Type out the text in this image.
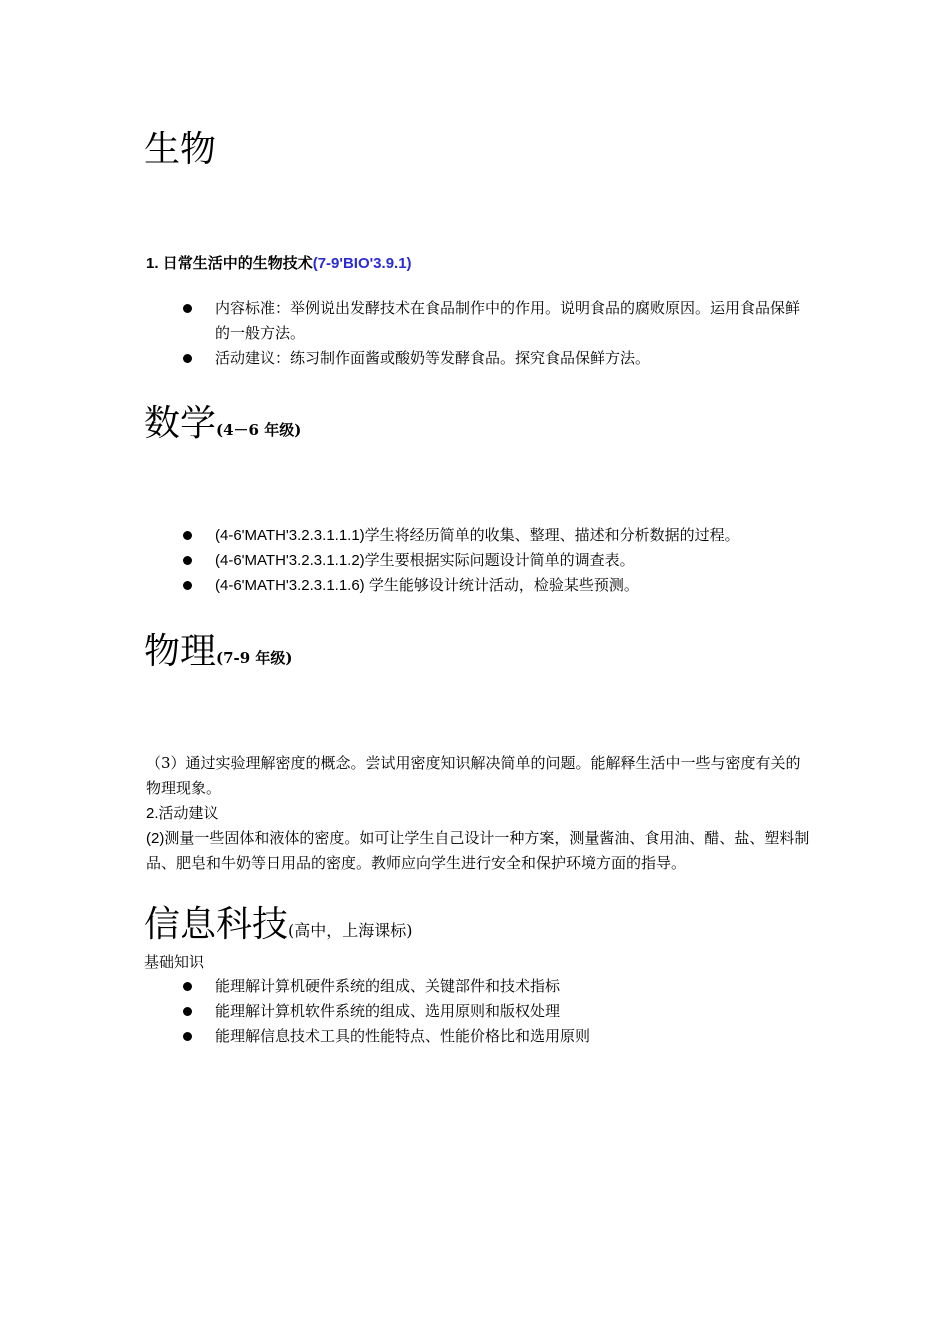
生物
1. 日常生活中的生物技术(7-9'BIO'3.9.1)
内容标准：举例说出发酵技术在食品制作中的作用。说明食品的腐败原因。运用食品保鲜的一般方法。
活动建议：练习制作面酱或酸奶等发酵食品。探究食品保鲜方法。
数学(4－6 年级)
(4-6'MATH'3.2.3.1.1.1)学生将经历简单的收集、整理、描述和分析数据的过程。
(4-6'MATH'3.2.3.1.1.2)学生要根据实际问题设计简单的调查表。
(4-6'MATH'3.2.3.1.1.6) 学生能够设计统计活动，检验某些预测。
物理(7-9 年级)
（3）通过实验理解密度的概念。尝试用密度知识解决简单的问题。能解释生活中一些与密度有关的物理现象。
2.活动建议
(2)测量一些固体和液体的密度。如可让学生自己设计一种方案，测量酱油、食用油、醋、盐、塑料制品、肥皂和牛奶等日用品的密度。教师应向学生进行安全和保护环境方面的指导。
信息科技(高中，上海课标)
基础知识
能理解计算机硬件系统的组成、关键部件和技术指标
能理解计算机软件系统的组成、选用原则和版权处理
能理解信息技术工具的性能特点、性能价格比和选用原则
